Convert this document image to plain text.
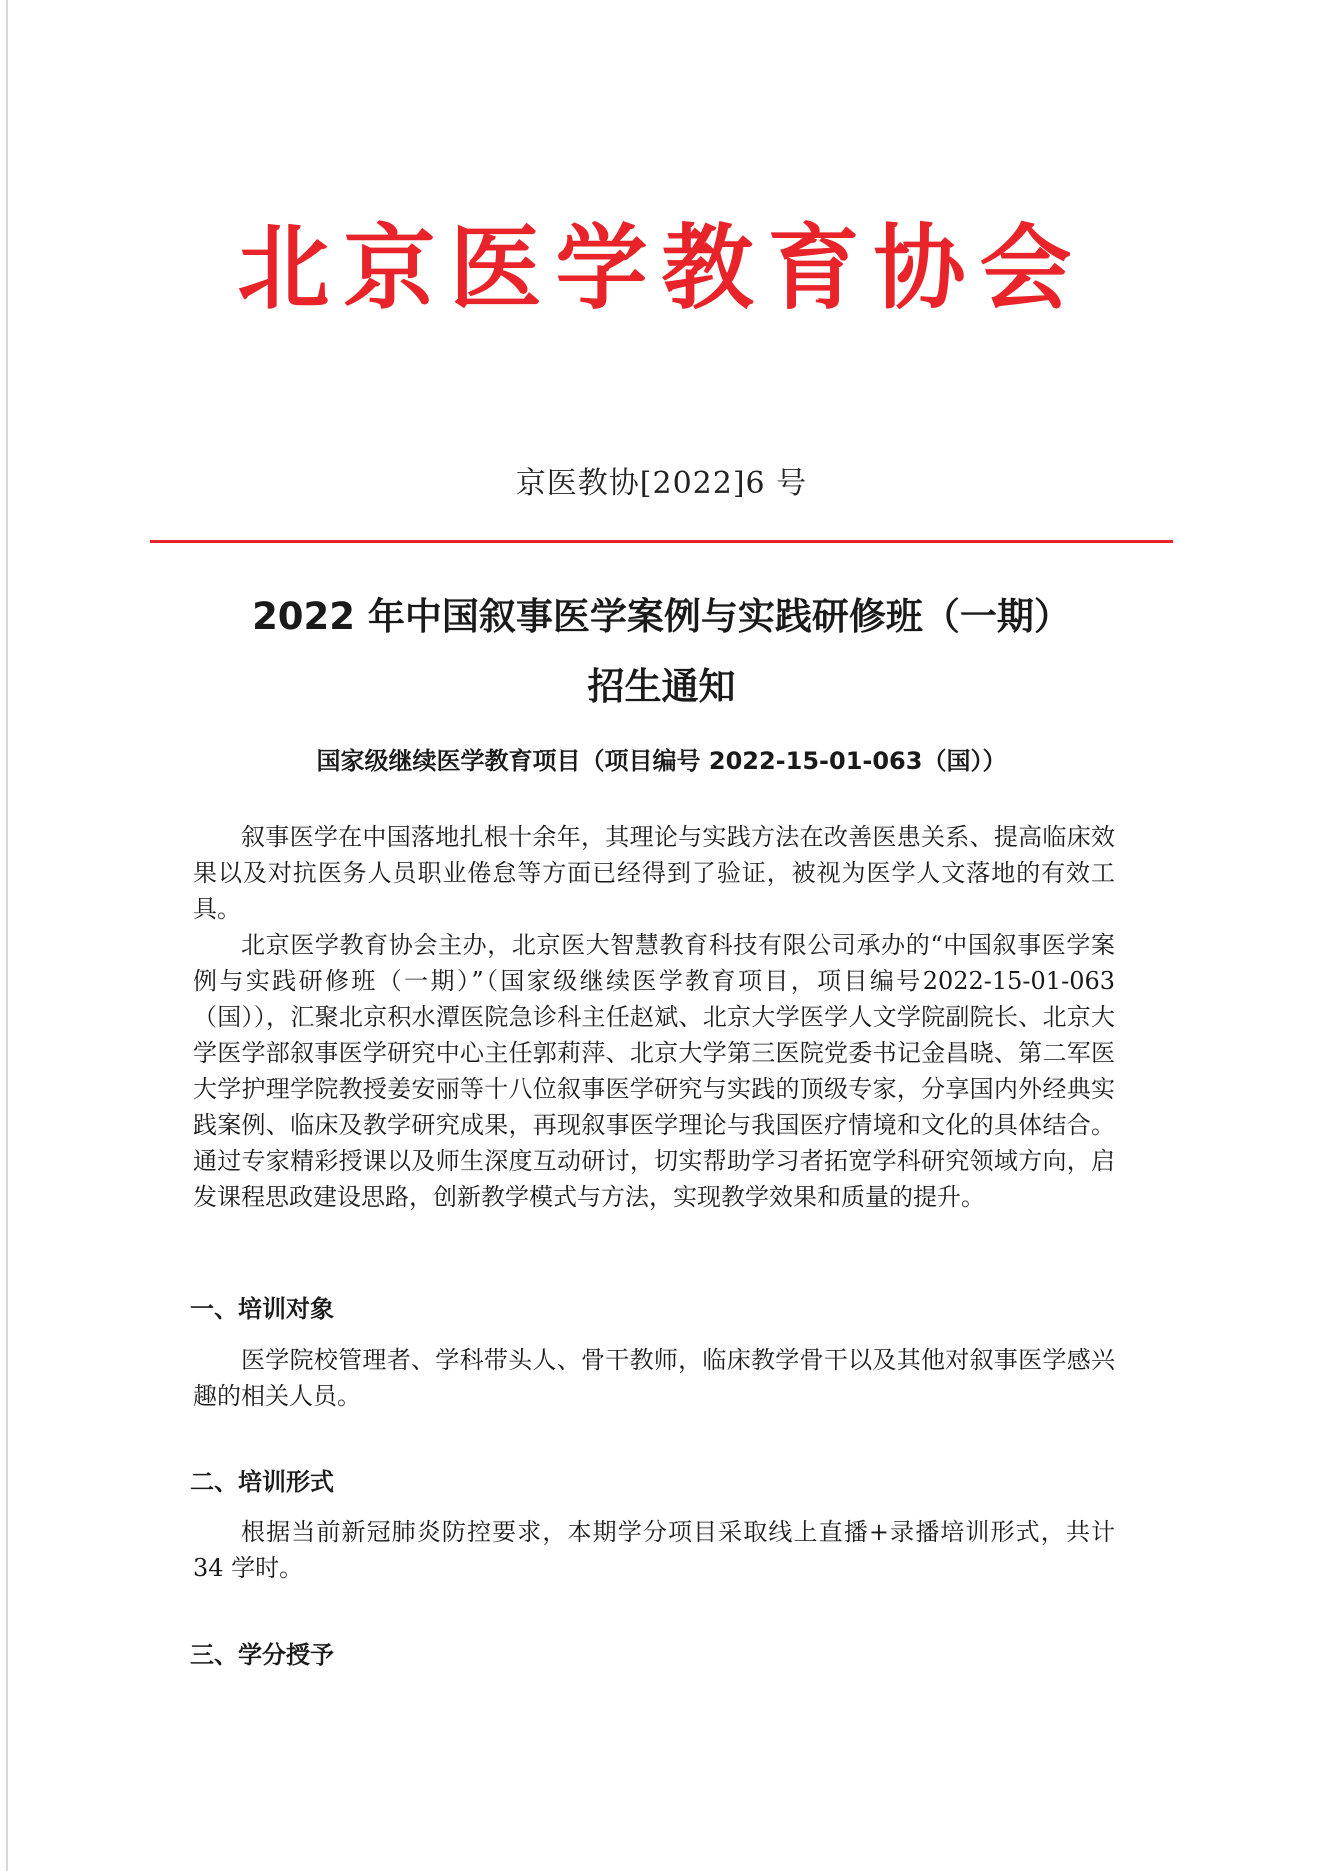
北京医学教育协会
京医教协[2022]6 号
2022 年中国叙事医学案例与实践研修班（一期）
招生通知
国家级继续医学教育项目（项目编号 2022-15-01-063（国））

叙事医学在中国落地扎根十余年，其理论与实践方法在改善医患关系、提高临床效果以及对抗医务人员职业倦怠等方面已经得到了验证，被视为医学人文落地的有效工具。

北京医学教育协会主办，北京医大智慧教育科技有限公司承办的“中国叙事医学案例与实践研修班（一期）”（国家级继续医学教育项目，项目编号2022-15-01-063（国）），汇聚北京积水潭医院急诊科主任赵斌、北京大学医学人文学院副院长、北京大学医学部叙事医学研究中心主任郭莉萍、北京大学第三医院党委书记金昌晓、第二军医大学护理学院教授姜安丽等十八位叙事医学研究与实践的顶级专家，分享国内外经典实践案例、临床及教学研究成果，再现叙事医学理论与我国医疗情境和文化的具体结合。通过专家精彩授课以及师生深度互动研讨，切实帮助学习者拓宽学科研究领域方向，启发课程思政建设思路，创新教学模式与方法，实现教学效果和质量的提升。

一、培训对象

医学院校管理者、学科带头人、骨干教师，临床教学骨干以及其他对叙事医学感兴趣的相关人员。

二、培训形式

根据当前新冠肺炎防控要求，本期学分项目采取线上直播+录播培训形式，共计 34 学时。

三、学分授予
